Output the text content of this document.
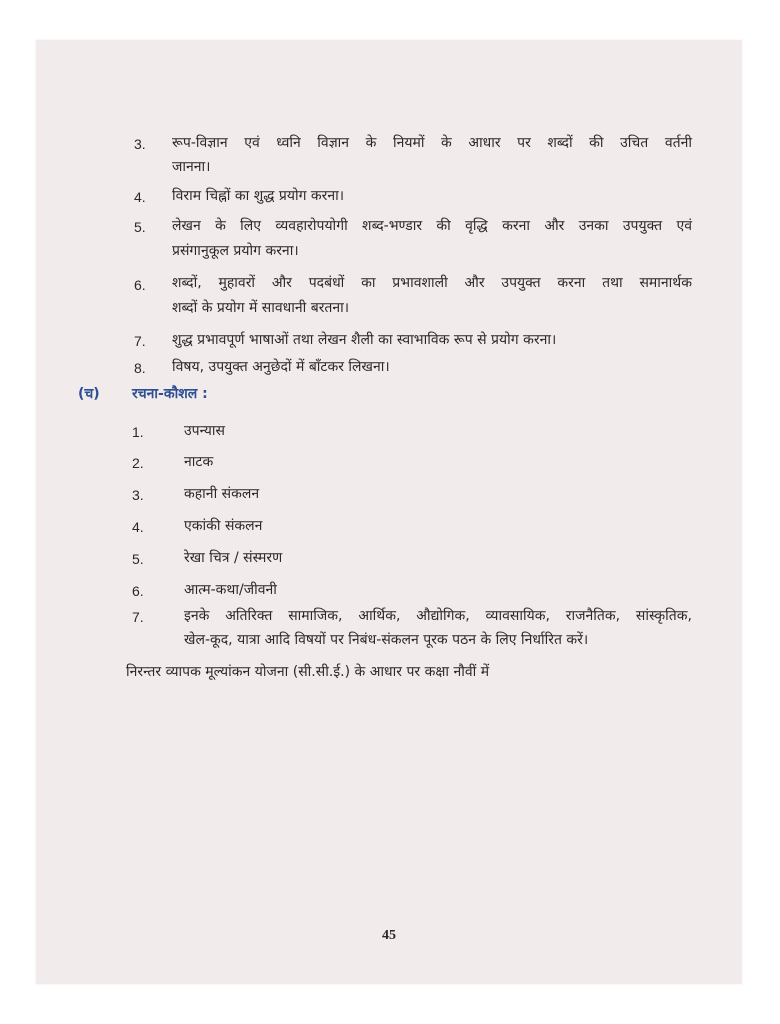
3. रूप-विज्ञान एवं ध्वनि विज्ञान के नियमों के आधार पर शब्दों की उचित वर्तनी
जानना।
4. विराम चिह्नों का शुद्ध प्रयोग करना।
5. लेखन के लिए व्यवहारोपयोगी शब्द-भण्डार की वृद्धि करना और उनका उपयुक्त एवं
प्रसंगानुकूल प्रयोग करना।
6. शब्दों, मुहावरों और पदबंधों का प्रभावशाली और उपयुक्त करना तथा समानार्थक
शब्दों के प्रयोग में सावधानी बरतना।
7. शुद्ध प्रभावपूर्ण भाषाओं तथा लेखन शैली का स्वाभाविक रूप से प्रयोग करना।
8. विषय, उपयुक्त अनुछेदों में बाँटकर लिखना।
(च) रचना-कौशल :
1.	उपन्यास
2.	नाटक
3.	कहानी संकलन
4.	एकांकी संकलन
5.	रेखा चित्र / संस्मरण
6.	आत्म-कथा/जीवनी
7.	इनके अतिरिक्त सामाजिक, आर्थिक, औद्योगिक, व्यावसायिक, राजनैतिक, सांस्कृतिक,
खेल-कूद, यात्रा आदि विषयों पर निबंध-संकलन पूरक पठन के लिए निर्धारित करें।
निरन्तर व्यापक मूल्यांकन योजना (सी.सी.ई.) के आधार पर कक्षा नौवीं में
45
